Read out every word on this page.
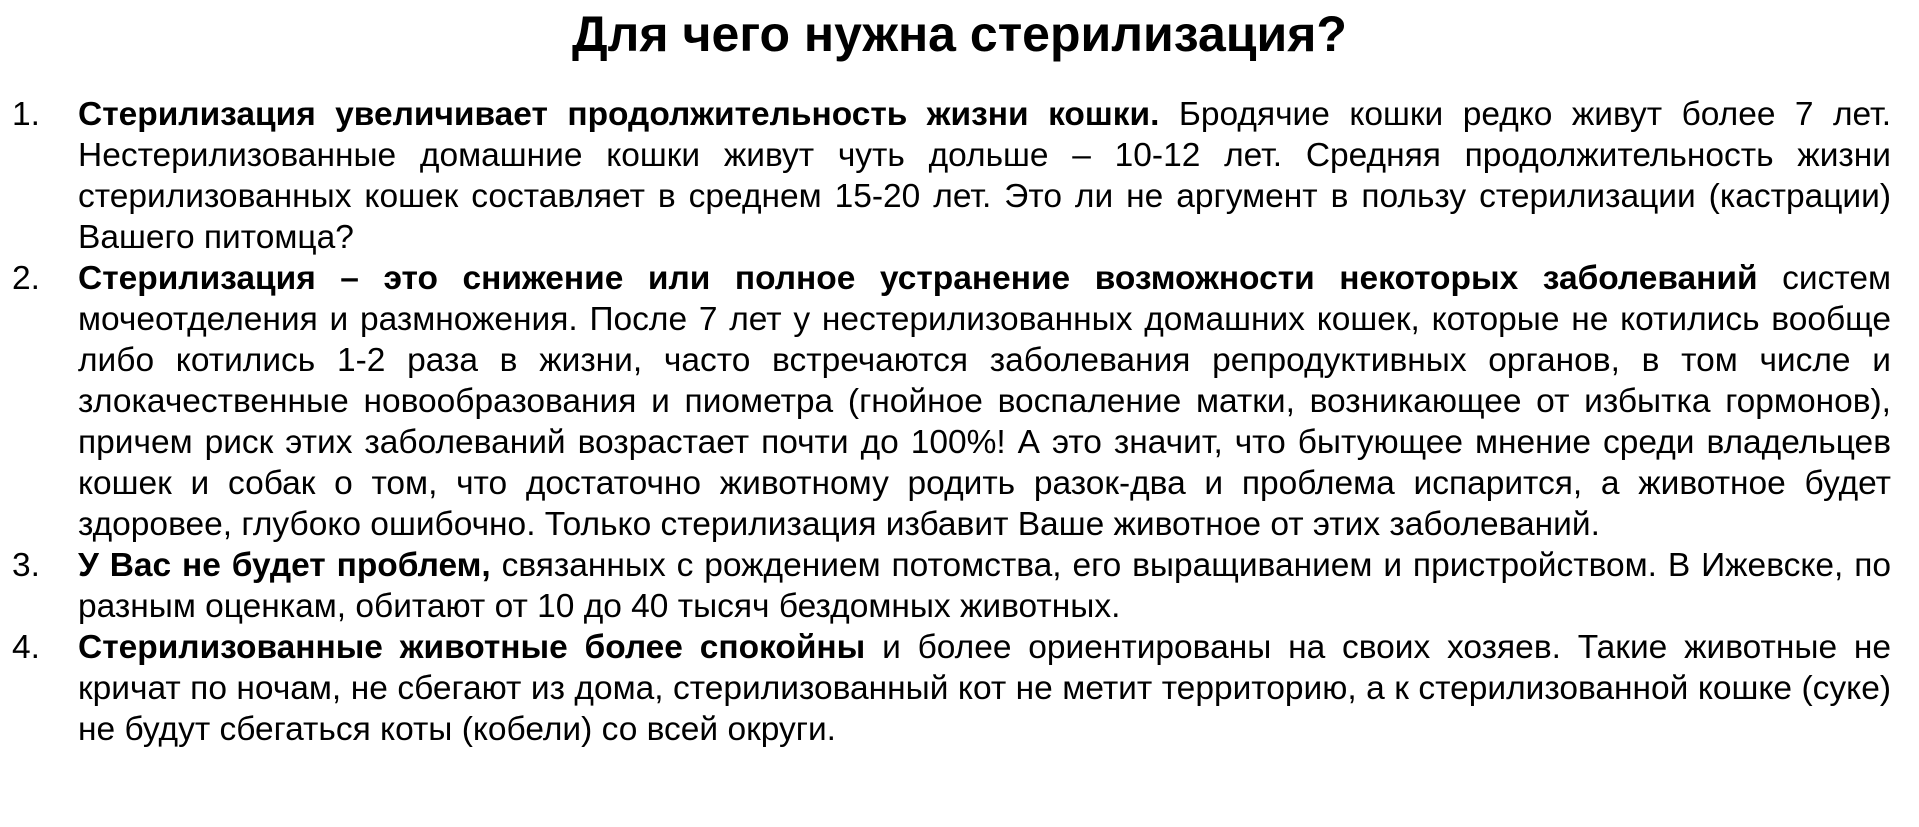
Для чего нужна стерилизация?
1.	Стерилизация увеличивает продолжительность жизни кошки. Бродячие кошки редко живут более 7 лет. Нестерилизованные домашние кошки живут чуть дольше – 10-12 лет. Средняя продолжительность жизни стерилизованных кошек составляет в среднем 15-20 лет. Это ли не аргумент в пользу стерилизации (кастрации) Вашего питомца?
2.	Стерилизация – это снижение или полное устранение возможности некоторых заболеваний систем мочеотделения и размножения. После 7 лет у нестерилизованных домашних кошек, которые не котились вообще либо котились 1-2 раза в жизни, часто встречаются заболевания репродуктивных органов, в том числе и злокачественные новообразования и пиометра (гнойное воспаление матки, возникающее от избытка гормонов), причем риск этих заболеваний возрастает почти до 100%! А это значит, что бытующее мнение среди владельцев кошек и собак о том, что достаточно животному родить разок-два и проблема испарится, а животное будет здоровее, глубоко ошибочно. Только стерилизация избавит Ваше животное от этих заболеваний.
3.	У Вас не будет проблем, связанных с рождением потомства, его выращиванием и пристройством. В Ижевске, по разным оценкам, обитают от 10 до 40 тысяч бездомных животных.
4.	Стерилизованные животные более спокойны и более ориентированы на своих хозяев. Такие животные не кричат по ночам, не сбегают из дома, стерилизованный кот не метит территорию, а к стерилизованной кошке (суке) не будут сбегаться коты (кобели) со всей округи.
